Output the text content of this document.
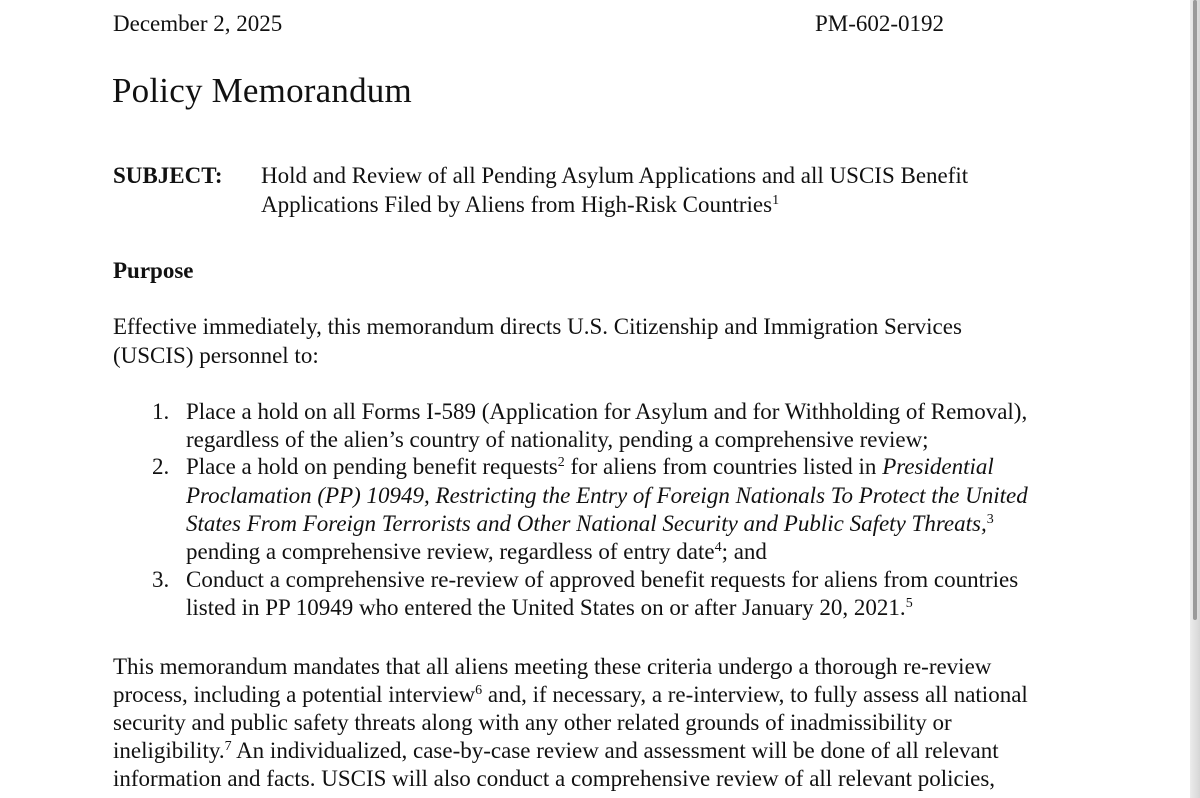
December 2, 2025	PM-602-0192
Policy Memorandum
SUBJECT: Hold and Review of all Pending Asylum Applications and all USCIS Benefit
Applications Filed by Aliens from High-Risk Countries$^1$
Purpose
Effective immediately, this memorandum directs U.S. Citizenship and Immigration Services
(USCIS) personnel to:
1. Place a hold on all Forms I-589 (Application for Asylum and for Withholding of Removal),
regardless of the alien’s country of nationality, pending a comprehensive review;
2. Place a hold on pending benefit requests$^2$ for aliens from countries listed in Presidential
Proclamation (PP) 10949, Restricting the Entry of Foreign Nationals To Protect the United
States From Foreign Terrorists and Other National Security and Public Safety Threats,$^3$
pending a comprehensive review, regardless of entry date$^4$; and
3. Conduct a comprehensive re-review of approved benefit requests for aliens from countries
listed in PP 10949 who entered the United States on or after January 20, 2021.$^5$
This memorandum mandates that all aliens meeting these criteria undergo a thorough re-review
process, including a potential interview$^6$ and, if necessary, a re-interview, to fully assess all national
security and public safety threats along with any other related grounds of inadmissibility or
ineligibility.$^7$ An individualized, case-by-case review and assessment will be done of all relevant
information and facts. USCIS will also conduct a comprehensive review of all relevant policies,
